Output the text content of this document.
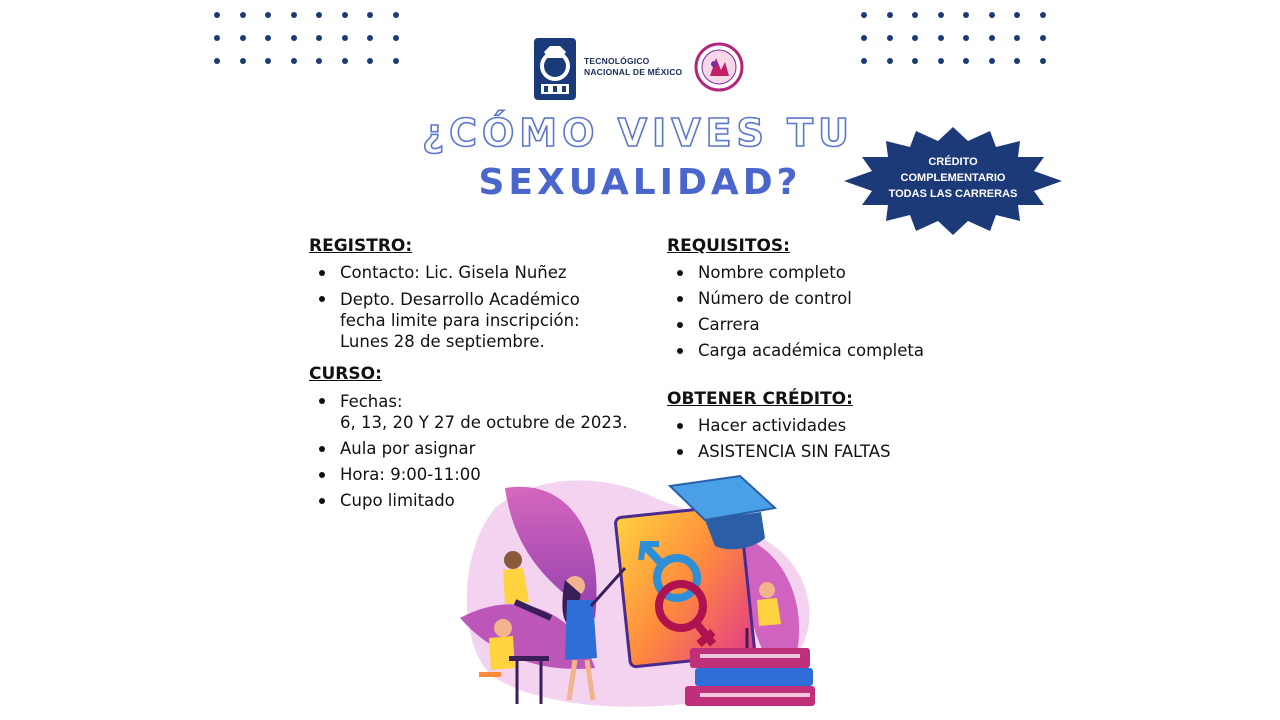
TECNOLÓGICO
NACIONAL DE MÉXICO
¿CÓMO VIVES TU
SEXUALIDAD?	CRÉDITO
COMPLEMENTARIO
TODAS LAS CARRERAS
REGISTRO:
Contacto: Lic. Gisela Nuñez
Depto. Desarrollo Académico
fecha limite para inscripción:
Lunes 28 de septiembre.
CURSO:
Fechas:
6, 13, 20 Y 27 de octubre de 2023.
Aula por asignar
Hora: 9:00-11:00
Cupo limitado
REQUISITOS:
Nombre completo
Número de control
Carrera
Carga académica completa
OBTENER CRÉDITO:
Hacer actividades
ASISTENCIA SIN FALTAS
